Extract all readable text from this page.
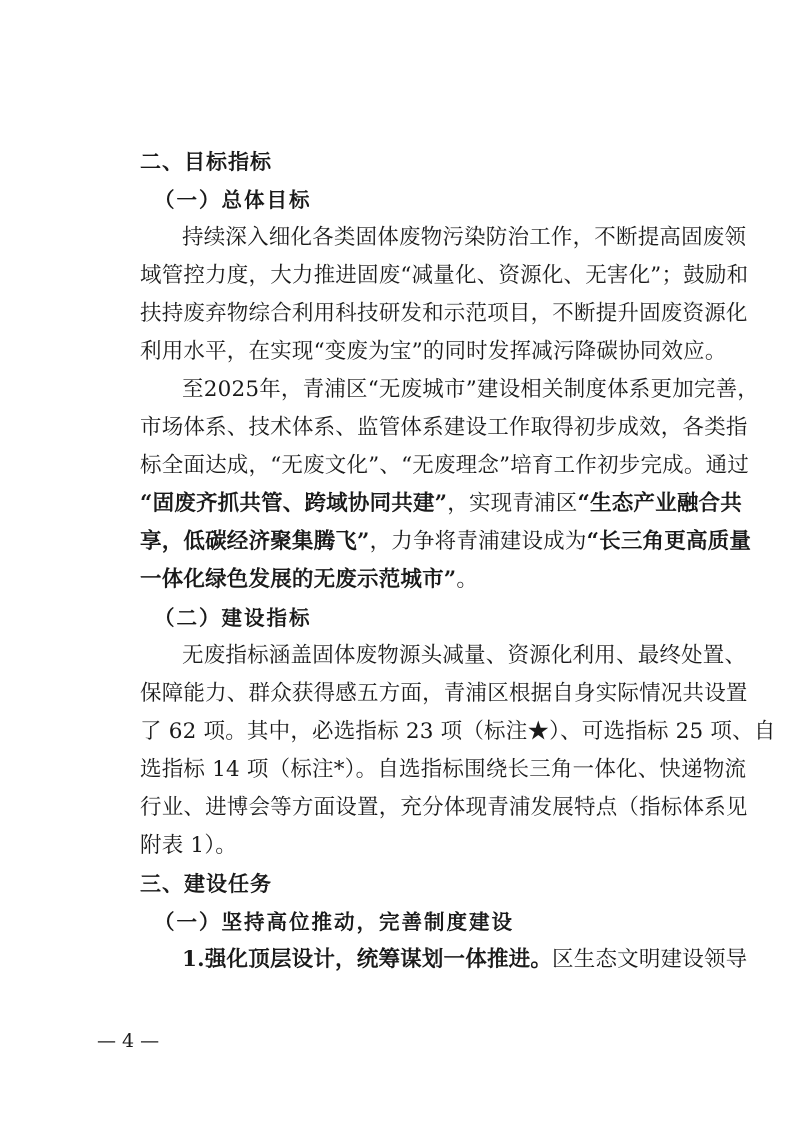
二、目标指标
（一）总体目标
持续深入细化各类固体废物污染防治工作，不断提高固废领
域管控力度，大力推进固废“减量化、资源化、无害化”；鼓励和
扶持废弃物综合利用科技研发和示范项目，不断提升固废资源化
利用水平，在实现“变废为宝”的同时发挥减污降碳协同效应。
至2025年，青浦区“无废城市”建设相关制度体系更加完善，
市场体系、技术体系、监管体系建设工作取得初步成效，各类指
标全面达成，“无废文化”、“无废理念”培育工作初步完成。通过
“固废齐抓共管、跨域协同共建”，实现青浦区“生态产业融合共
享，低碳经济聚集腾飞”，力争将青浦建设成为“长三角更高质量
一体化绿色发展的无废示范城市”。
（二）建设指标
无废指标涵盖固体废物源头减量、资源化利用、最终处置、
保障能力、群众获得感五方面，青浦区根据自身实际情况共设置
了 62 项。其中，必选指标 23 项（标注★）、可选指标 25 项、自
选指标 14 项（标注*）。自选指标围绕长三角一体化、快递物流
行业、进博会等方面设置，充分体现青浦发展特点（指标体系见
附表 1）。
三、建设任务
（一）坚持高位推动，完善制度建设
1.强化顶层设计，统筹谋划一体推进。区生态文明建设领导
— 4 —
